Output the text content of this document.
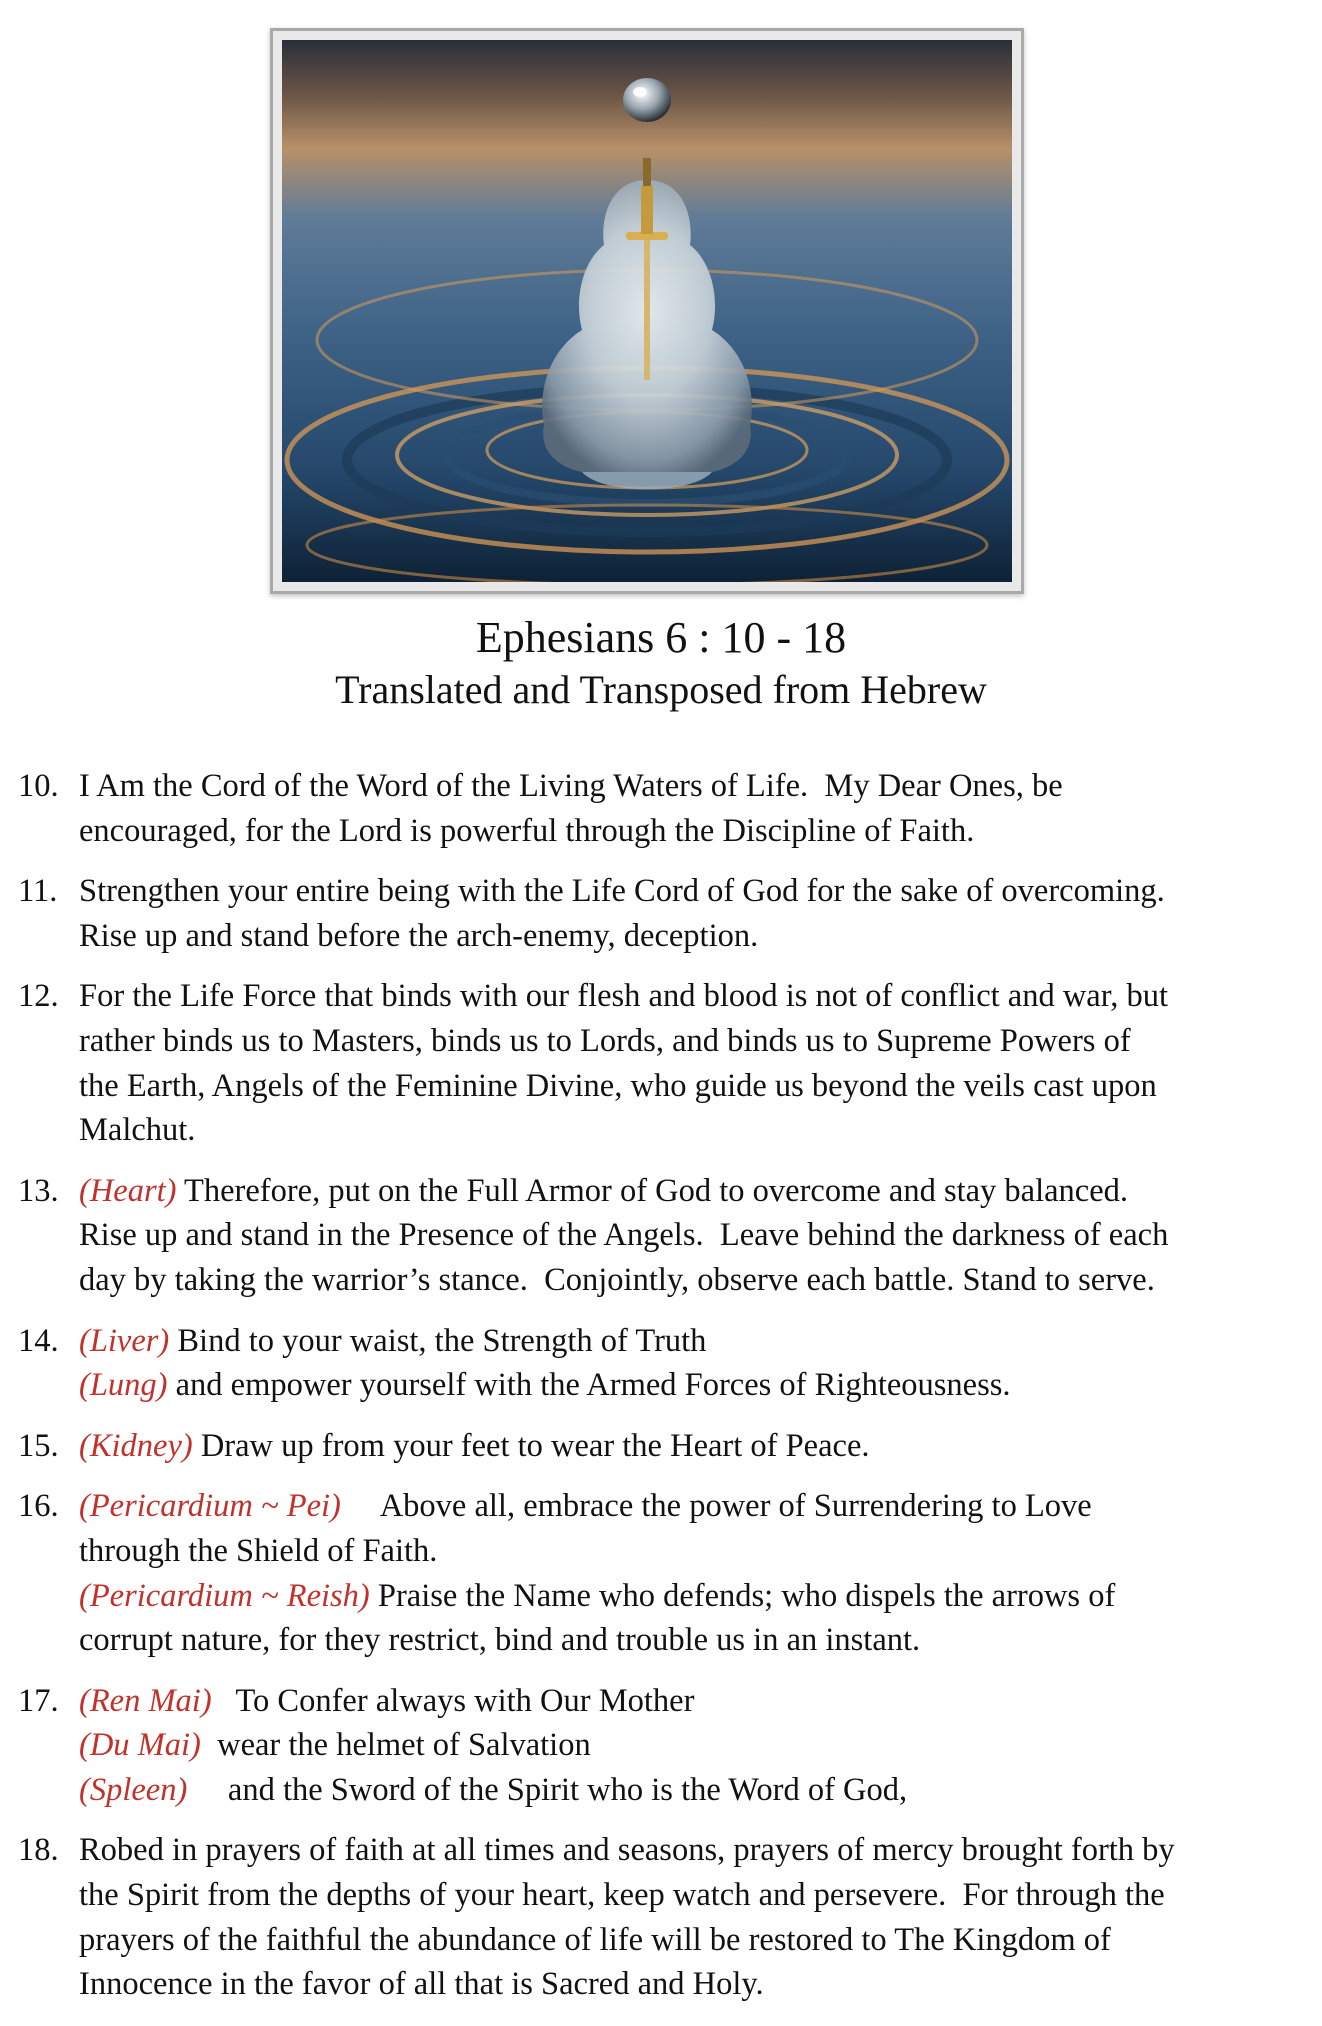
Ephesians 6 : 10 - 18
Translated and Transposed from Hebrew
10. I Am the Cord of the Word of the Living Waters of Life.  My Dear Ones, be
encouraged, for the Lord is powerful through the Discipline of Faith.
11. Strengthen your entire being with the Life Cord of God for the sake of overcoming.
Rise up and stand before the arch-enemy, deception.
12. For the Life Force that binds with our flesh and blood is not of conflict and war, but
rather binds us to Masters, binds us to Lords, and binds us to Supreme Powers of
the Earth, Angels of the Feminine Divine, who guide us beyond the veils cast upon
Malchut.
13. (Heart) Therefore, put on the Full Armor of God to overcome and stay balanced.
Rise up and stand in the Presence of the Angels.  Leave behind the darkness of each
day by taking the warrior’s stance.  Conjointly, observe each battle. Stand to serve.
14. (Liver) Bind to your waist, the Strength of Truth
(Lung) and empower yourself with the Armed Forces of Righteousness.
15. (Kidney) Draw up from your feet to wear the Heart of Peace.
16. (Pericardium ~ Pei)     Above all, embrace the power of Surrendering to Love
through the Shield of Faith.
(Pericardium ~ Reish) Praise the Name who defends; who dispels the arrows of
corrupt nature, for they restrict, bind and trouble us in an instant.
17. (Ren Mai)   To Confer always with Our Mother
(Du Mai)  wear the helmet of Salvation
(Spleen)     and the Sword of the Spirit who is the Word of God,
18. Robed in prayers of faith at all times and seasons, prayers of mercy brought forth by
the Spirit from the depths of your heart, keep watch and persevere.  For through the
prayers of the faithful the abundance of life will be restored to The Kingdom of
Innocence in the favor of all that is Sacred and Holy.
